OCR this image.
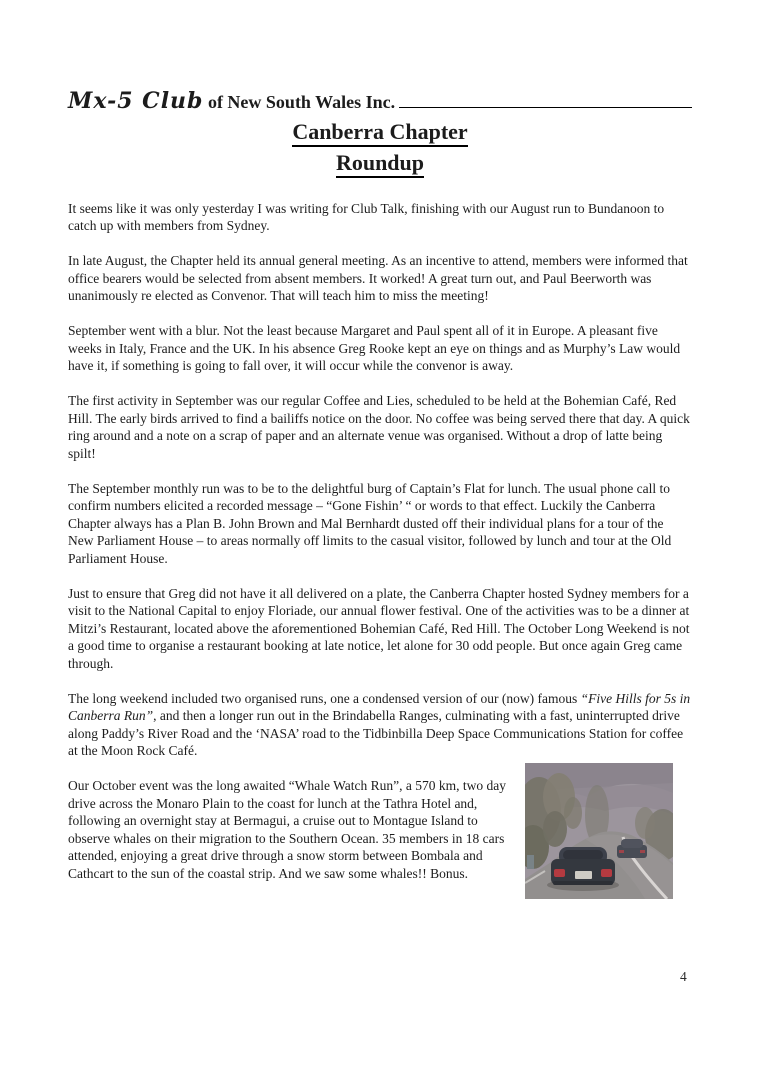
Mx-5 Club of New South Wales Inc.
Canberra Chapter
Roundup

It seems like it was only yesterday I was writing for Club Talk, finishing with our August run to Bundanoon to catch up with members from Sydney.

In late August, the Chapter held its annual general meeting. As an incentive to attend, members were informed that office bearers would be selected from absent members. It worked! A great turn out, and Paul Beerworth was unanimously re elected as Convenor. That will teach him to miss the meeting!

September went with a blur. Not the least because Margaret and Paul spent all of it in Europe. A pleasant five weeks in Italy, France and the UK. In his absence Greg Rooke kept an eye on things and as Murphy’s Law would have it, if something is going to fall over, it will occur while the convenor is away.

The first activity in September was our regular Coffee and Lies, scheduled to be held at the Bohemian Café, Red Hill. The early birds arrived to find a bailiffs notice on the door. No coffee was being served there that day. A quick ring around and a note on a scrap of paper and an alternate venue was organised. Without a drop of latte being spilt!

The September monthly run was to be to the delightful burg of Captain’s Flat for lunch. The usual phone call to confirm numbers elicited a recorded message – “Gone Fishin’ “ or words to that effect. Luckily the Canberra Chapter always has a Plan B. John Brown and Mal Bernhardt dusted off their individual plans for a tour of the New Parliament House – to areas normally off limits to the casual visitor, followed by lunch and tour at the Old Parliament House.

Just to ensure that Greg did not have it all delivered on a plate, the Canberra Chapter hosted Sydney members for a visit to the National Capital to enjoy Floriade, our annual flower festival. One of the activities was to be a dinner at Mitzi’s Restaurant, located above the aforementioned Bohemian Café, Red Hill. The October Long Weekend is not a good time to organise a restaurant booking at late notice, let alone for 30 odd people. But once again Greg came through.

The long weekend included two organised runs, one a condensed version of our (now) famous “Five Hills for 5s in Canberra Run”, and then a longer run out in the Brindabella Ranges, culminating with a fast, uninterrupted drive along Paddy’s River Road and the ‘NASA’ road to the Tidbinbilla Deep Space Communications Station for coffee at the Moon Rock Café.

Our October event was the long awaited “Whale Watch Run”, a 570 km, two day drive across the Monaro Plain to the coast for lunch at the Tathra Hotel and, following an overnight stay at Bermagui, a cruise out to Montague Island to observe whales on their migration to the Southern Ocean. 35 members in 18 cars attended, enjoying a great drive through a snow storm between Bombala and Cathcart to the sun of the coastal strip. And we saw some whales!! Bonus.

4
